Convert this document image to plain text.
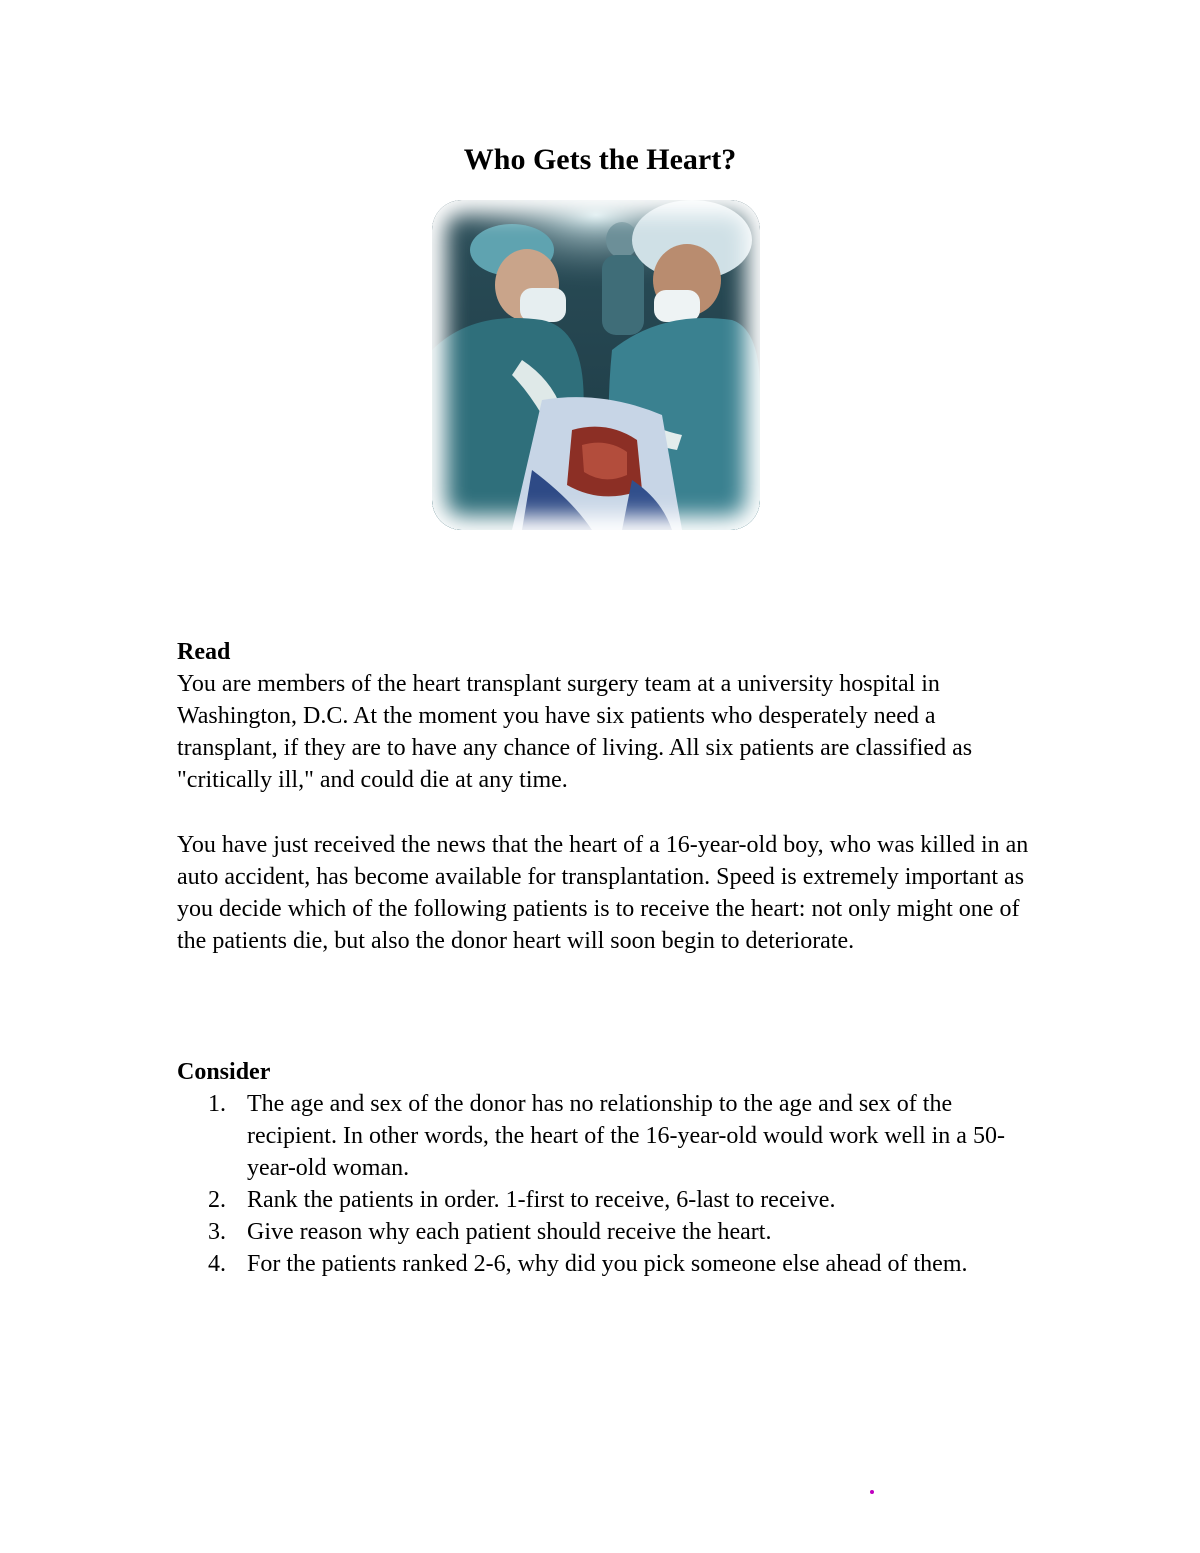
Who Gets the Heart?
Read

You are members of the heart transplant surgery team at a university hospital in Washington, D.C. At the moment you have six patients who desperately need a transplant, if they are to have any chance of living. All six patients are classified as "critically ill," and could die at any time.

You have just received the news that the heart of a 16-year-old boy, who was killed in an auto accident, has become available for transplantation. Speed is extremely important as you decide which of the following patients is to receive the heart: not only might one of the patients die, but also the donor heart will soon begin to deteriorate.

Consider
1. The age and sex of the donor has no relationship to the age and sex of the recipient. In other words, the heart of the 16-year-old would work well in a 50-year-old woman.
2. Rank the patients in order. 1-first to receive, 6-last to receive.
3. Give reason why each patient should receive the heart.
4. For the patients ranked 2-6, why did you pick someone else ahead of them.
